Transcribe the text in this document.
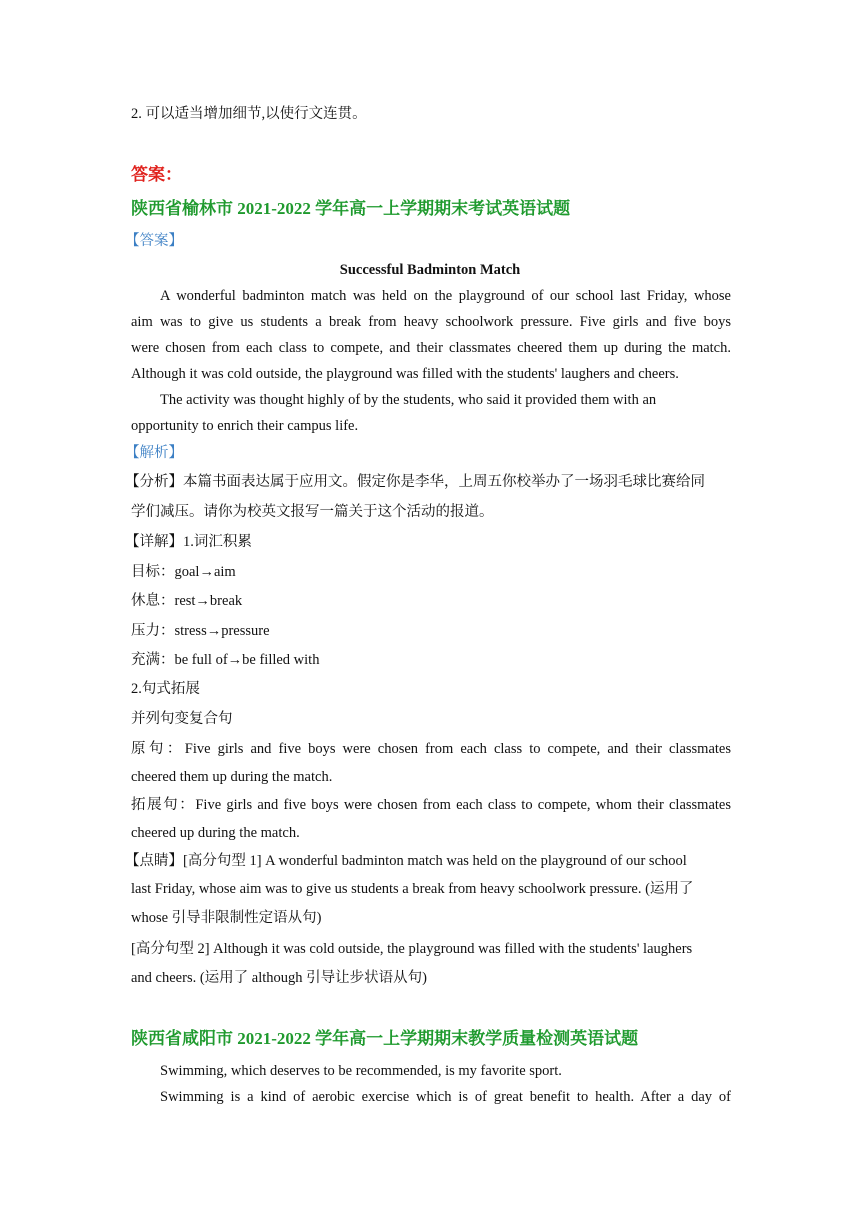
2. 可以适当增加细节,以使行文连贯。
答案：
陕西省榆林市 2021-2022 学年高一上学期期末考试英语试题
【答案】
Successful Badminton Match
A wonderful badminton match was held on the playground of our school last Friday, whose
aim was to give us students a break from heavy schoolwork pressure. Five girls and five boys
were chosen from each class to compete, and their classmates cheered them up during the match.
Although it was cold outside, the playground was filled with the students' laughers and cheers.
The activity was thought highly of by the students, who said it provided them with an
opportunity to enrich their campus life.
【解析】
【分析】本篇书面表达属于应用文。假定你是李华，上周五你校举办了一场羽毛球比赛给同
学们减压。请你为校英文报写一篇关于这个活动的报道。
【详解】1.词汇积累
目标：goal→aim
休息：rest→break
压力：stress→pressure
充满：be full of→be filled with
2.句式拓展
并列句变复合句
原句：Five girls and five boys were chosen from each class to compete, and their classmates
cheered them up during the match.
拓展句：Five girls and five boys were chosen from each class to compete, whom their classmates
cheered up during the match.
【点睛】[高分句型 1] A wonderful badminton match was held on the playground of our school
last Friday, whose aim was to give us students a break from heavy schoolwork pressure. (运用了
whose 引导非限制性定语从句)
[高分句型 2] Although it was cold outside, the playground was filled with the students' laughers
and cheers. (运用了 although 引导让步状语从句)
陕西省咸阳市 2021-2022 学年高一上学期期末教学质量检测英语试题
Swimming, which deserves to be recommended, is my favorite sport.
Swimming is a kind of aerobic exercise which is of great benefit to health. After a day of
